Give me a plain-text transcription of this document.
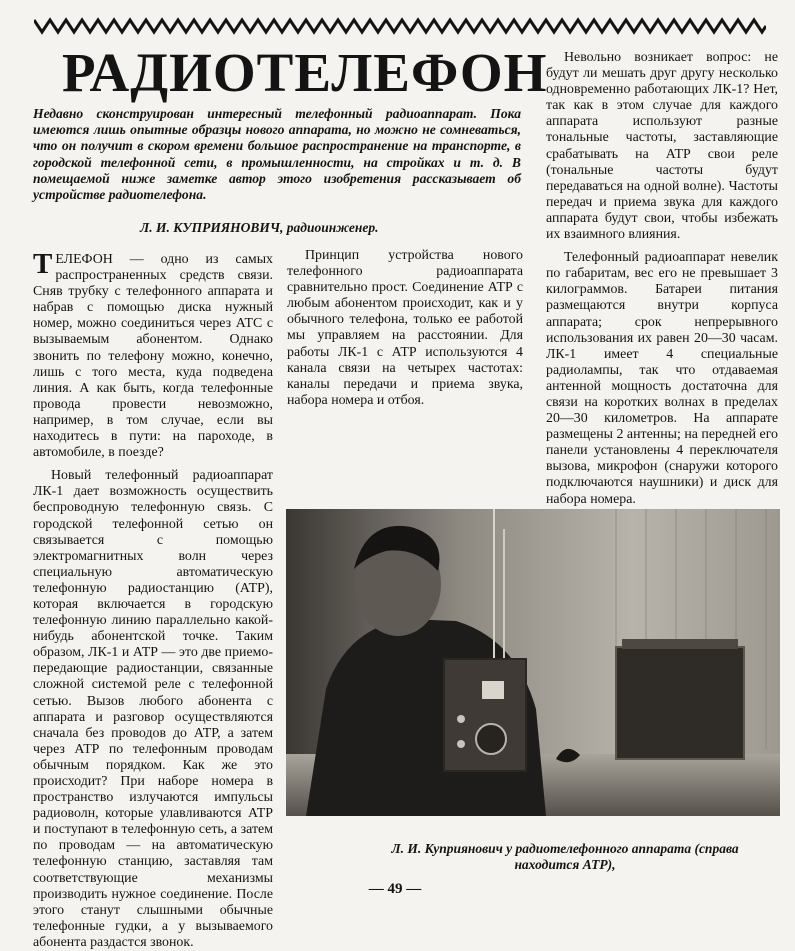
РАДИОТЕЛЕФОН
Недавно сконструирован интересный телефонный радиоаппарат. Пока имеются лишь опытные образцы нового аппарата, но можно не сомневаться, что он получит в скором времени большое распространение на транспорте, в городской телефонной сети, в промышленности, на стройках и т. д. В помещаемой ниже заметке автор этого изобретения рассказывает об устройстве радиотелефона.
Л. И. КУПРИЯНОВИЧ, радиоинженер.

ТЕЛЕФОН — одно из самых распространенных средств связи. Сняв трубку с телефонного аппарата и набрав с помощью диска нужный номер, можно соединиться через АТС с вызываемым абонентом. Однако звонить по телефону можно, конечно, лишь с того места, куда подведена линия. А как быть, когда телефонные провода провести невозможно, например, в том случае, если вы находитесь в пути: на пароходе, в автомобиле, в поезде?

Новый телефонный радиоаппарат ЛК-1 дает возможность осуществить беспроводную телефонную связь. С городской телефонной сетью он связывается с помощью электромагнитных волн через специальную автоматическую телефонную радиостанцию (АТР), которая включается в городскую телефонную линию параллельно какой-нибудь абонентской точке. Таким образом, ЛК-1 и АТР — это две приемо-передающие радиостанции, связанные сложной системой реле с телефонной сетью. Вызов любого абонента с аппарата и разговор осуществляются сначала без проводов до АТР, а затем через АТР по телефонным проводам обычным порядком. Как же это происходит? При наборе номера в пространство излучаются импульсы радиоволн, которые улавливаются АТР и поступают в телефонную сеть, а затем по проводам — на автоматическую телефонную станцию, заставляя там соответствующие механизмы производить нужное соединение. После этого станут слышными обычные телефонные гудки, а у вызываемого абонента раздастся звонок.

Принцип устройства нового телефонного радиоаппарата сравнительно прост. Соединение АТР с любым абонентом происходит, как и у обычного телефона, только ее работой мы управляем на расстоянии. Для работы ЛК-1 с АТР используются 4 канала связи на четырех частотах: каналы передачи и приема звука, набора номера и отбоя.

Невольно возникает вопрос: не будут ли мешать друг другу несколько одновременно работающих ЛК-1? Нет, так как в этом случае для каждого аппарата используют разные тональные частоты, заставляющие срабатывать на АТР свои реле (тональные частоты будут передаваться на одной волне). Частоты передач и приема звука для каждого аппарата будут свои, чтобы избежать их взаимного влияния.

Телефонный радиоаппарат невелик по габаритам, вес его не превышает 3 килограммов. Батареи питания размещаются внутри корпуса аппарата; срок непрерывного использования их равен 20—30 часам. ЛК-1 имеет 4 специальные радиолампы, так что отдаваемая антенной мощность достаточна для связи на коротких волнах в пределах 20—30 километров. На аппарате размещены 2 антенны; на передней его панели установлены 4 переключателя вызова, микрофон (снаружи которого подключаются наушники) и диск для набора номера.

Л. И. Куприянович у радиотелефонного аппарата (справа находится АТР),
— 49 —
